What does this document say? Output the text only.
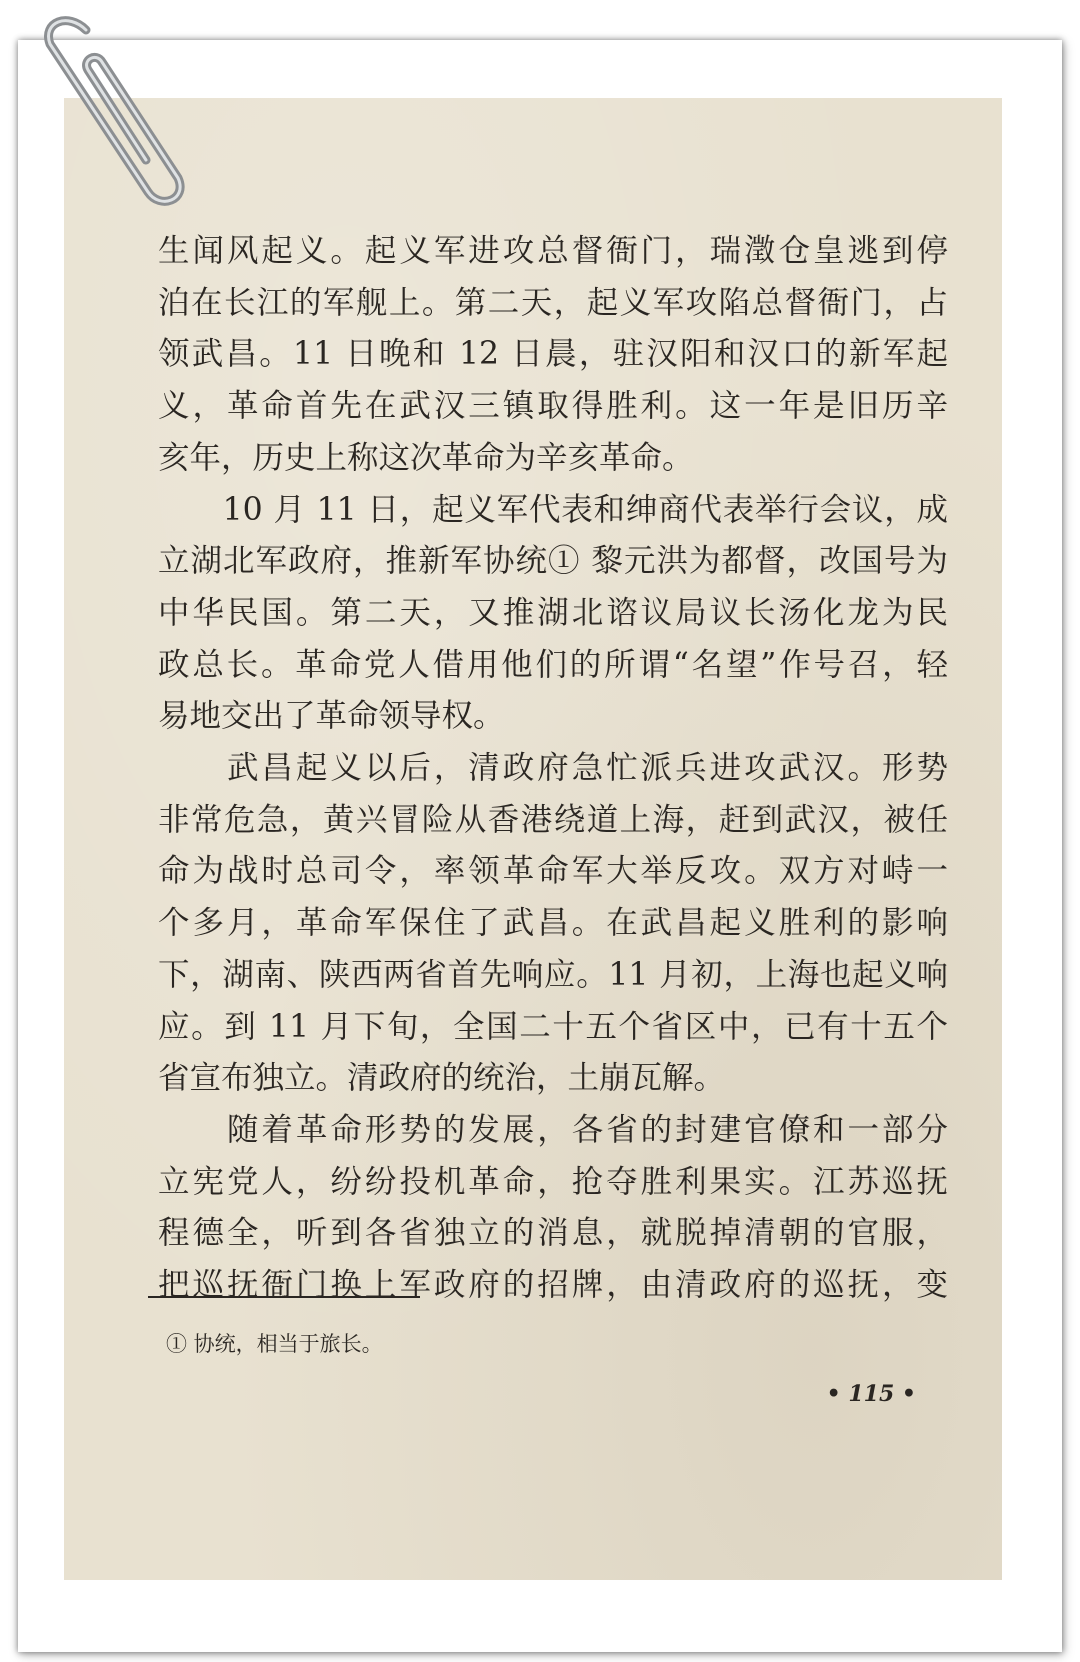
生闻风起义。起义军进攻总督衙门，瑞澂仓皇逃到停
泊在长江的军舰上。第二天，起义军攻陷总督衙门，占
领武昌。11 日晚和 12 日晨，驻汉阳和汉口的新军起
义，革命首先在武汉三镇取得胜利。这一年是旧历辛
亥年，历史上称这次革命为辛亥革命。
　　10 月 11 日，起义军代表和绅商代表举行会议，成
立湖北军政府，推新军协统① 黎元洪为都督，改国号为
中华民国。第二天，又推湖北谘议局议长汤化龙为民
政总长。革命党人借用他们的所谓“名望”作号召，轻
易地交出了革命领导权。
　　武昌起义以后，清政府急忙派兵进攻武汉。形势
非常危急，黄兴冒险从香港绕道上海，赶到武汉，被任
命为战时总司令，率领革命军大举反攻。双方对峙一
个多月，革命军保住了武昌。在武昌起义胜利的影响
下，湖南、陕西两省首先响应。11 月初，上海也起义响
应。到 11 月下旬，全国二十五个省区中，已有十五个
省宣布独立。清政府的统治，土崩瓦解。
　　随着革命形势的发展，各省的封建官僚和一部分
立宪党人，纷纷投机革命，抢夺胜利果实。江苏巡抚
程德全，听到各省独立的消息，就脱掉清朝的官服，
把巡抚衙门换上军政府的招牌，由清政府的巡抚，变
① 协统，相当于旅长。
• 115 •
